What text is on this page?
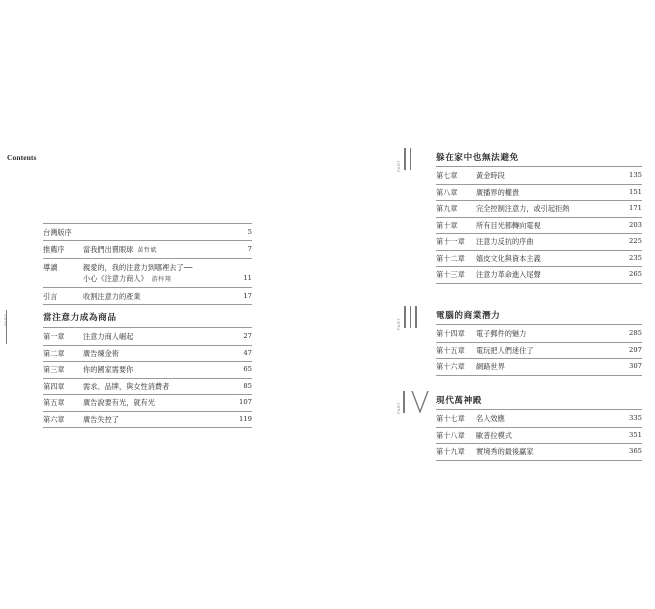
Contents
台灣版序	5
推薦序	當我們出賣眼球 黃哲斌	7
導讀	親愛的，我的注意力到哪裡去了──
小心《注意力商人》 游梓翔	11
引言	收割注意力的產業	17
PART	當注意力成為商品
第一章	注意力商人崛起	27
第二章	廣告煉金術	47
第三章	你的國家需要你	65
第四章	需求、品牌，與女性消費者	85
第五章	廣告說要有光，就有光	107
第六章	廣告失控了	119
PART
躲在家中也無法避免
第七章	黃金時段	135
第八章	廣播界的權貴	151
第九章	完全控制注意力，或引起拒熱	171
第十章	所有目光都轉向電視	203
第十一章 注意力反抗的序曲	225
第十二章 嬉皮文化與資本主義	235
第十三章 注意力革命進入尾聲	265
PART
電腦的商業潛力
第十四章 電子郵件的魅力	285
第十五章 電玩把人們迷住了	297
第十六章 網路世界	307
PART

現代萬神殿
第十七章 名人效應	335
第十八章 歐普拉模式	351
第十九章 實境秀的最後贏家	365
